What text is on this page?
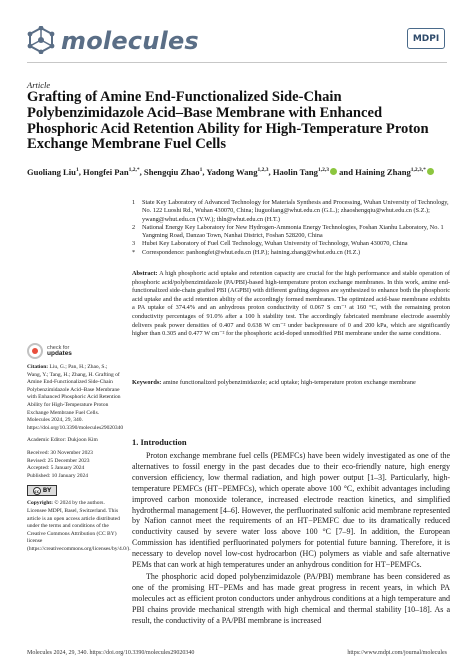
molecules	MDPI
Article
Grafting of Amine End-Functionalized Side-Chain Polybenzimidazole Acid–Base Membrane with Enhanced Phosphoric Acid Retention Ability for High-Temperature Proton Exchange Membrane Fuel Cells
Guoliang Liu$^1$, Hongfei Pan$^{1,2,*}$, Shengqiu Zhao$^1$, Yadong Wang$^{1,2,3}$, Haolin Tang$^{1,2,3}$ and Haining Zhang$^{1,2,3,*}$
1	State Key Laboratory of Advanced Technology for Materials Synthesis and Processing, Wuhan University of Technology, No. 122 Luoshi Rd., Wuhan 430070, China; liuguoliang@whut.edu.cn (G.L.); zhaoshengqiu@whut.edu.cn (S.Z.); ywang@whut.edu.cn (Y.W.); thln@whut.edu.cn (H.T.)
2	National Energy Key Laboratory for New Hydrogen-Ammonia Energy Technologies, Foshan Xianhu Laboratory, No. 1 Yangming Road, Danzao Town, Nanhai District, Foshan 528200, China
3	Hubei Key Laboratory of Fuel Cell Technology, Wuhan University of Technology, Wuhan 430070, China
*	Correspondence: panhongfei@whut.edu.cn (H.P.); haining.zhang@whut.edu.cn (H.Z.)
Abstract: A high phosphoric acid uptake and retention capacity are crucial for the high performance and stable operation of phosphoric acid/polybenzimidazole (PA/PBI)-based high-temperature proton exchange membranes. In this work, amine end-functionalized side-chain grafted PBI (AGPBI) with different grafting degrees are synthesized to enhance both the phosphoric acid uptake and the acid retention ability of the accordingly formed membranes. The optimized acid-base membrane exhibits a PA uptake of 374.4% and an anhydrous proton conductivity of 0.067 S cm⁻¹ at 160 °C, with the remaining proton conductivity percentages of 91.0% after a 100 h stability test. The accordingly fabricated membrane electrode assembly delivers peak power densities of 0.407 and 0.638 W cm⁻² under backpressure of 0 and 200 kPa, which are significantly higher than 0.305 and 0.477 W cm⁻² for the phosphoric acid-doped unmodified PBI membrane under the same conditions.
Keywords: amine functionalized polybenzimidazole; acid uptake; high-temperature proton exchange membrane
check for
updates
Citation: Liu, G.; Pan, H.; Zhao, S.; Wang, Y.; Tang, H.; Zhang, H. Grafting of Amine End-Functionalized Side-Chain Polybenzimidazole Acid–Base Membrane with Enhanced Phosphoric Acid Retention Ability for High-Temperature Proton Exchange Membrane Fuel Cells. Molecules 2024, 29, 340. https://doi.org/10.3390/molecules29020340
Academic Editor: Dukjoon Kim
Received: 30 November 2023
Revised: 25 December 2023
Accepted: 5 January 2024
Published: 10 January 2024
cc BY
Copyright: © 2024 by the authors. Licensee MDPI, Basel, Switzerland. This article is an open access article distributed under the terms and conditions of the Creative Commons Attribution (CC BY) license (https://creativecommons.org/licenses/by/4.0/).
1. Introduction

Proton exchange membrane fuel cells (PEMFCs) have been widely investigated as one of the alternatives to fossil energy in the past decades due to their eco-friendly nature, high energy conversion efficiency, low thermal radiation, and high power output [1–3]. Particularly, high-temperature PEMFCs (HT−PEMFCs), which operate above 100 °C, exhibit advantages including improved carbon monoxide tolerance, increased electrode reaction kinetics, and simplified hydrothermal management [4–6]. However, the perfluorinated sulfonic acid membrane represented by Nafion cannot meet the requirements of an HT−PEMFC due to its dramatically reduced conductivity caused by severe water loss above 100 °C [7–9]. In addition, the European Commission has identified perfluorinated polymers for potential future banning. Therefore, it is necessary to develop novel low-cost hydrocarbon (HC) polymers as viable and safe alternative PEMs that can work at high temperatures under an anhydrous condition for HT−PEMFCs.

The phosphoric acid doped polybenzimidazole (PA/PBI) membrane has been considered as one of the promising HT−PEMs and has made great progress in recent years, in which PA molecules act as efficient proton conductors under anhydrous conditions at a high temperature and PBI chains provide mechanical strength with high chemical and thermal stability [10–18]. As a result, the conductivity of a PA/PBI membrane is increased

Molecules 2024, 29, 340. https://doi.org/10.3390/molecules29020340	https://www.mdpi.com/journal/molecules
